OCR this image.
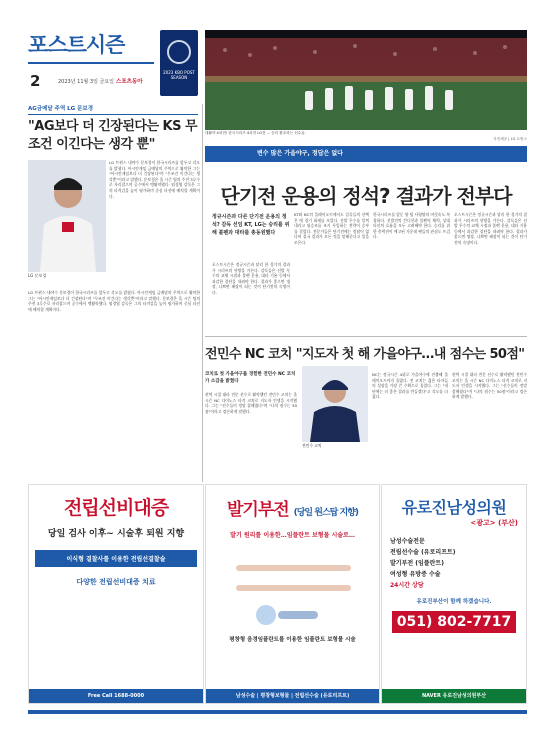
포스트시즌
2	2023년 11월 3일 금요일 스포츠동아
2023 KBO POST SEASON
대활약 4차전! 한국시리즈 4차전 LG전 ... 승리 환호하는 선수들.
사진제공 | LG 트윈스
AG금메달 주역 LG 문보경
"AG보다 더 긴장된다는 KS 무조건 이긴다는 생각 뿐"
LG 문보경
LG 트윈스 내야수 문보경이 한국시리즈를 앞두고 각오를 밝혔다. 아시안게임 금메달의 주역으로 활약한 그는 "아시안게임보다 더 긴장된다"며 "무조건 이긴다는 생각뿐"이라고 말했다. 문보경은 올 시즌 팀의 주전 3루수로 자리잡으며 공수에서 맹활약했다. 염경엽 감독은 그의 타격감을 높이 평가하며 중심 타선에 배치할 계획이다.
LG 트윈스 내야수 문보경이 한국시리즈를 앞두고 각오를 밝혔다. 아시안게임 금메달의 주역으로 활약한 그는 "아시안게임보다 더 긴장된다"며 "무조건 이긴다는 생각뿐"이라고 말했다. 문보경은 올 시즌 팀의 주전 3루수로 자리잡으며 공수에서 맹활약했다. 염경엽 감독은 그의 타격감을 높이 평가하며 중심 타선에 배치할 계획이다.
변수 많은 가을야구, 정답은 없다
단기전 운용의 정석? 결과가 전부다
정규시즌과 다른 단기전 운용의 정석? 감독 선임 KT, LG는 승리를 위해 불펜과 대타를 총동원했다
포스트시즌은 정규시즌과 달리 한 경기의 결과가 시리즈의 향방을 가른다. 감독들은 선발 투수의 교체 시점과 불펜 운용, 대타 기용 등에서 과감한 결단을 내려야 한다. 결과가 좋으면 명장, 나쁘면 패장이 되는 것이 단기전의 숙명이다.
KT와 NC의 플레이오프에서도 감독들의 선택은 매 경기 화제를 모았다. 선발 투수를 일찍 내리고 필승조를 조기 투입하는 전략이 승부를 갈랐다. 전문가들은 단기전에는 정답이 없다며 결국 결과가 모든 것을 말해준다고 입을 모은다.
한국시리즈를 앞둔 양 팀 사령탑의 머릿속도 복잡하다. 선발진의 컨디션과 불펜의 체력, 상대 타선의 흐름을 모두 고려해야 한다. 승리를 위한 총력전이 예고된 가운데 팬들의 관심도 뜨겁다.
포스트시즌은 정규시즌과 달리 한 경기의 결과가 시리즈의 향방을 가른다. 감독들은 선발 투수의 교체 시점과 불펜 운용, 대타 기용 등에서 과감한 결단을 내려야 한다. 결과가 좋으면 명장, 나쁘면 패장이 되는 것이 단기전의 숙명이다.
전민수 NC 코치 "지도자 첫 해 가을야구…내 점수는 50점"
코치로 첫 가을야구를 경험한 전민수 NC 코치가 소감을 밝혔다
현역 시절 대타 전문 선수로 활약했던 전민수 코치는 올 시즌 NC 다이노스 타격 코치로 지도자 인생을 시작했다. 그는 "선수들이 정말 잘해줬다"며 "나의 점수는 50점"이라고 겸손하게 말했다.
전민수 코치
NC는 정규시즌 4위로 가을야구에 진출해 플레이오프까지 올랐다. 전 코치는 젊은 타자들의 성장을 가장 큰 수확으로 꼽았다. 그는 "내년에는 더 좋은 결과를 만들겠다"고 각오를 다졌다.
현역 시절 대타 전문 선수로 활약했던 전민수 코치는 올 시즌 NC 다이노스 타격 코치로 지도자 인생을 시작했다. 그는 "선수들이 정말 잘해줬다"며 "나의 점수는 50점"이라고 겸손하게 말했다.
전립선비대증
당일 검사 이후~ 시술후 퇴원 지향
이식형 결찰사를 이용한 전립선결찰술
다양한 전립선비대증 치료
Free Call 1688-0000
발기부전 (당일 원스탑 지향)
발기 원리를 이용한…임플란트 보형물 시술로…
평창형 음경임플란트를 이용한 임플란트 보형물 시술
남성수술 | 평창형보형물 | 전립선수술 (유로리프트)
유로진남성의원
<광고> (부산)
남성수술전문
전립선수술 (유로리프트)
발기부전 (임플란트)
여성형 유방증 수술
24시간 상담
유로진부산이 함께 하겠습니다.
051) 802-7717
NAVER 유로진남성의원부산
